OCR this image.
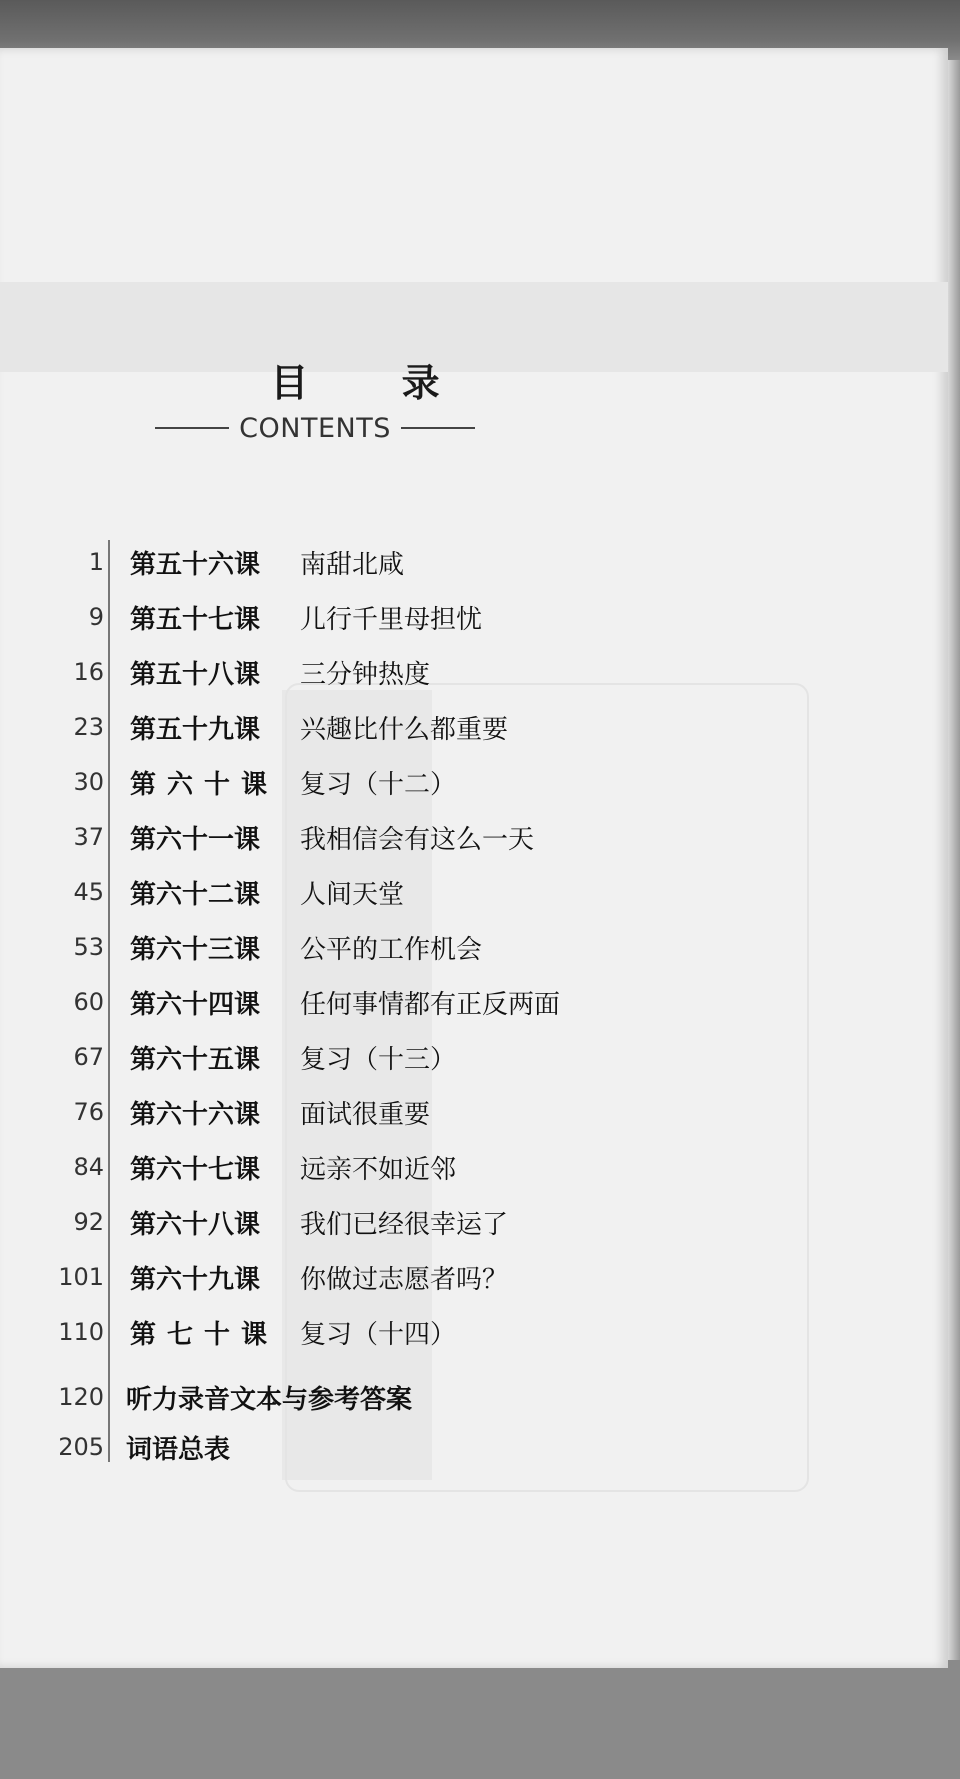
目 录
CONTENTS
1 第五十六课	南甜北咸
9 第五十七课	儿行千里母担忧
16 第五十八课	三分钟热度
23 第五十九课	兴趣比什么都重要
30 第六十课 复习（十二）
37 第六十一课	我相信会有这么一天
45 第六十二课	人间天堂
53 第六十三课	公平的工作机会
60 第六十四课	任何事情都有正反两面
67 第六十五课	复习（十三）
76 第六十六课	面试很重要
84 第六十七课	远亲不如近邻
92 第六十八课	我们已经很幸运了
101 第六十九课	你做过志愿者吗？
110 第七十课 复习（十四）
120 听力录音文本与参考答案
205 词语总表
